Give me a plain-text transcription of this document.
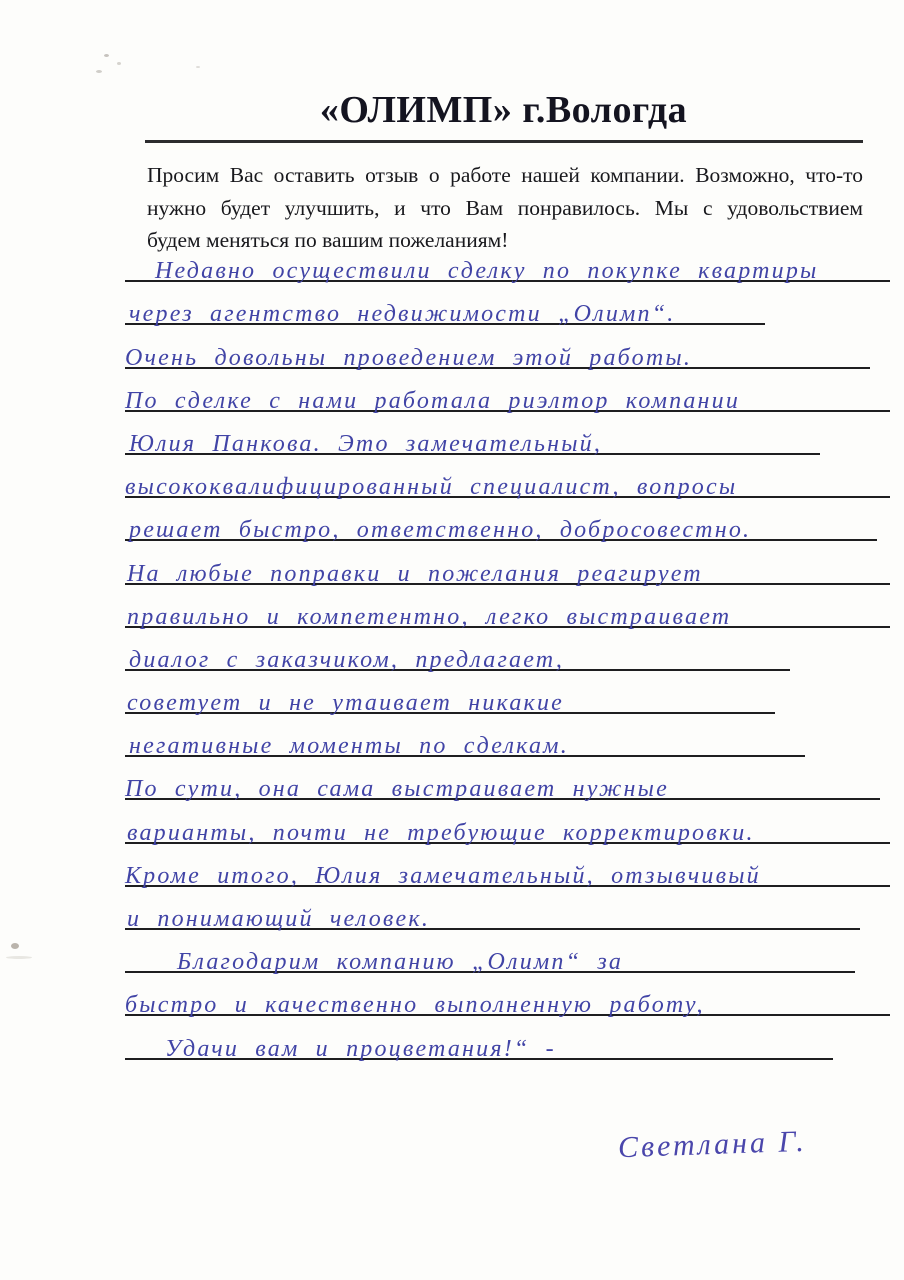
«ОЛИМП» г.Вологда
Просим Вас оставить отзыв о работе нашей компании. Возможно, что-то
нужно будет улучшить, и что Вам понравилось. Мы с удовольствием
будем меняться по вашим пожеланиям!
Недавно осуществили сделку по покупке квартиры
через агентство недвижимости „Олимп“.
Очень довольны проведением этой работы.
По сделке с нами работала риэлтор компании
Юлия Панкова. Это замечательный,
высококвалифицированный специалист, вопросы
решает быстро, ответственно, добросовестно.
На любые поправки и пожелания реагирует
правильно и компетентно, легко выстраивает
диалог с заказчиком, предлагает,
советует и не утаивает никакие
негативные моменты по сделкам.
По сути, она сама выстраивает нужные
варианты, почти не требующие корректировки.
Кроме итого, Юлия замечательный, отзывчивый
и понимающий человек.
Благодарим компанию „Олимп“ за
быстро и качественно выполненную работу,
Удачи вам и процветания!“ -
Светлана Г.
